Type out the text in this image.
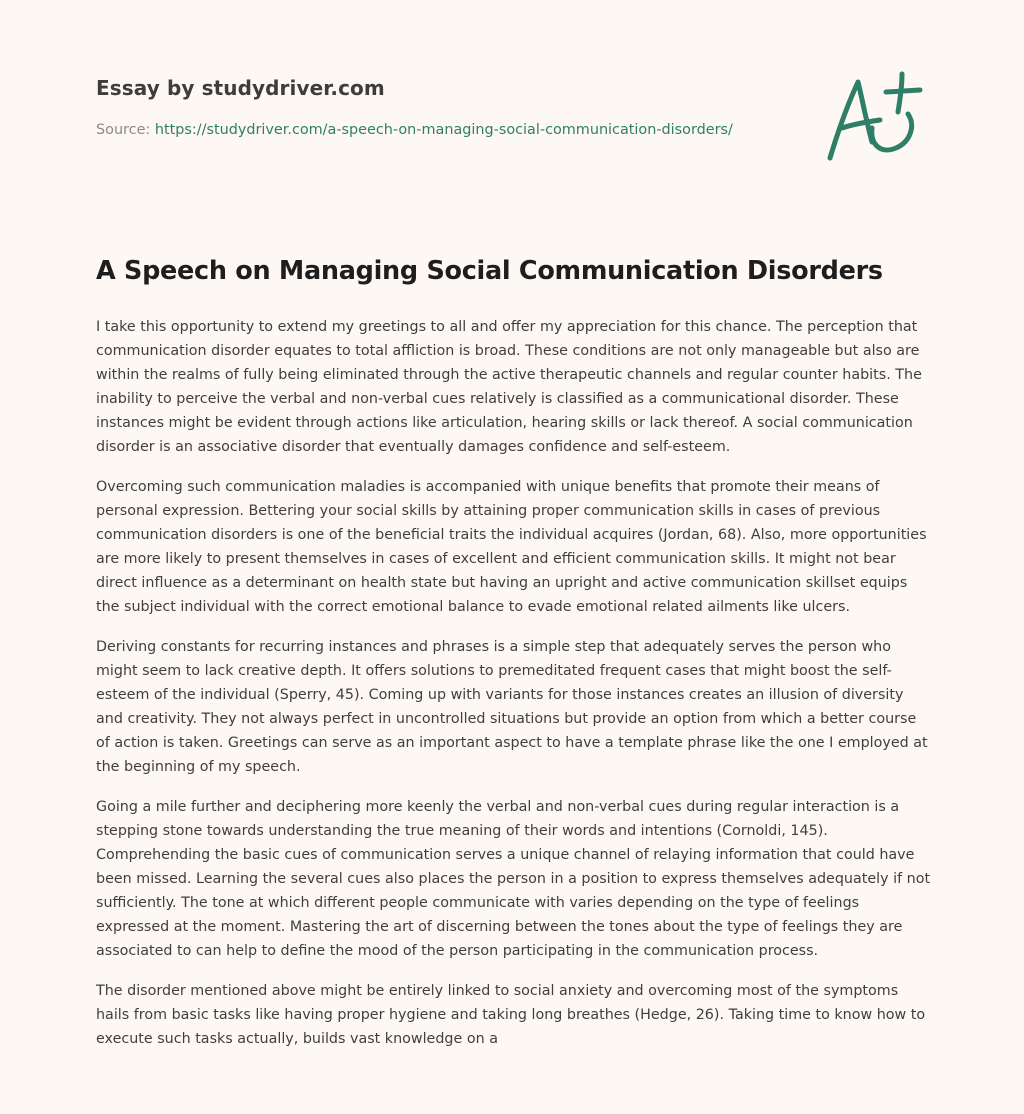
Essay by studydriver.com
Source: https://studydriver.com/a-speech-on-managing-social-communication-disorders/
A Speech on Managing Social Communication Disorders

I take this opportunity to extend my greetings to all and offer my appreciation for this chance. The perception that communication disorder equates to total affliction is broad. These conditions are not only manageable but also are within the realms of fully being eliminated through the active therapeutic channels and regular counter habits. The inability to perceive the verbal and non-verbal cues relatively is classified as a communicational disorder. These instances might be evident through actions like articulation, hearing skills or lack thereof. A social communication disorder is an associative disorder that eventually damages confidence and self-esteem.

Overcoming such communication maladies is accompanied with unique benefits that promote their means of personal expression. Bettering your social skills by attaining proper communication skills in cases of previous communication disorders is one of the beneficial traits the individual acquires (Jordan, 68). Also, more opportunities are more likely to present themselves in cases of excellent and efficient communication skills. It might not bear direct influence as a determinant on health state but having an upright and active communication skillset equips the subject individual with the correct emotional balance to evade emotional related ailments like ulcers.

Deriving constants for recurring instances and phrases is a simple step that adequately serves the person who might seem to lack creative depth. It offers solutions to premeditated frequent cases that might boost the self-esteem of the individual (Sperry, 45). Coming up with variants for those instances creates an illusion of diversity and creativity. They not always perfect in uncontrolled situations but provide an option from which a better course of action is taken. Greetings can serve as an important aspect to have a template phrase like the one I employed at the beginning of my speech.

Going a mile further and deciphering more keenly the verbal and non-verbal cues during regular interaction is a stepping stone towards understanding the true meaning of their words and intentions (Cornoldi, 145). Comprehending the basic cues of communication serves a unique channel of relaying information that could have been missed. Learning the several cues also places the person in a position to express themselves adequately if not sufficiently. The tone at which different people communicate with varies depending on the type of feelings expressed at the moment. Mastering the art of discerning between the tones about the type of feelings they are associated to can help to define the mood of the person participating in the communication process.

The disorder mentioned above might be entirely linked to social anxiety and overcoming most of the symptoms hails from basic tasks like having proper hygiene and taking long breathes (Hedge, 26). Taking time to know how to execute such tasks actually, builds vast knowledge on a
